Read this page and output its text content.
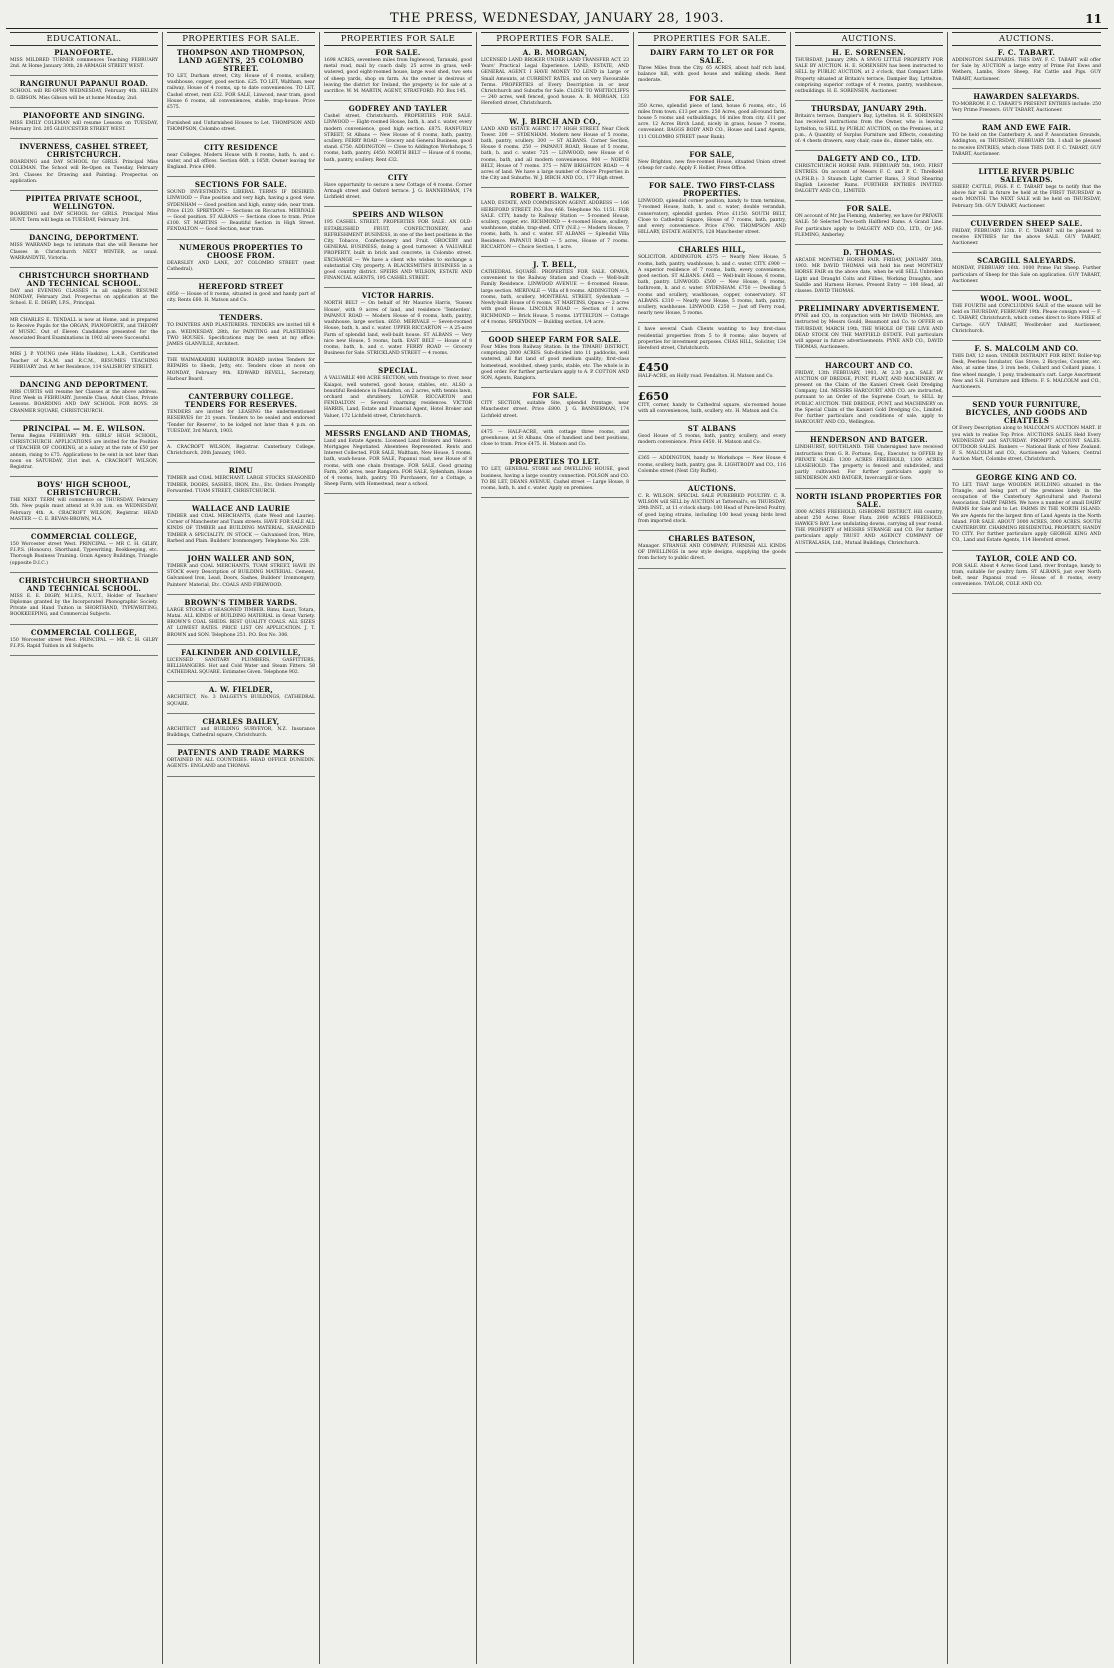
THE PRESS, WEDNESDAY, JANUARY 28, 1903.	11
EDUCATIONAL.
PIANOFORTE.

MISS MILDRED TURNER commences Teaching FEBRUARY 2nd. At Home January 30th, 28 ARMAGH STREET WEST.

RANGIRUNUI PAPANUI ROAD.

SCHOOL will RE-OPEN WEDNESDAY, February 4th. HELEN D. GIBSON. Miss Gibson will be at home Monday, 2nd.

PIANOFORTE AND SINGING.

MISS EMILY COLEMAN will resume Lessons on TUESDAY, February 3rd. 205 GLOUCESTER STREET WEST.

INVERNESS, CASHEL STREET, CHRISTCHURCH.

BOARDING and DAY SCHOOL for GIRLS. Principal Miss COLEMAN. The School will Re-Open on Tuesday, February 3rd. Classes for Drawing and Painting. Prospectus on application.

PIPITEA PRIVATE SCHOOL, WELLINGTON.

BOARDING and DAY SCHOOL for GIRLS. Principal Miss HUNT. Term will begin on TUESDAY, February 3rd.

DANCING, DEPORTMENT.

MISS WARRAND begs to intimate that she will Resume her Classes in Christchurch NEXT WINTER, as usual. WARRANDYTE, Victoria.

CHRISTCHURCH SHORTHAND AND TECHNICAL SCHOOL.

DAY and EVENING CLASSES in all subjects RESUME MONDAY, February 2nd. Prospectus on application at the School. E. E. DIGBY, I.P.S., Principal.

MR CHARLES E. TENDALL is now at Home, and is prepared to Receive Pupils for the ORGAN, PIANOFORTE, and THEORY of MUSIC. Out of Eleven Candidates presented for the Associated Board Examinations in 1902 all were Successful.

MRS J. P. YOUNG (née Hilda Haskins), L.A.B., Certificated Teacher of R.A.M. and R.C.M., RESUMES TEACHING FEBRUARY 2nd. At her Residence, 114 SALISBURY STREET.

DANCING AND DEPORTMENT.

MRS CURTIS will resume her Classes at the above address. First Week in FEBRUARY. Juvenile Class, Adult Class, Private Lessons. BOARDING AND DAY SCHOOL FOR BOYS. 28 CRANMER SQUARE, CHRISTCHURCH.

PRINCIPAL — M. E. WILSON.

Terms Begins FEBRUARY 9th. GIRLS' HIGH SCHOOL, CHRISTCHURCH. APPLICATIONS are invited for the Position of TEACHER OF COOKING, at a salary at the rate of £50 per annum, rising to £75. Applications to be sent in not later than noon on SATURDAY, 31st inst. A. CRACROFT WILSON, Registrar.

BOYS' HIGH SCHOOL, CHRISTCHURCH.

THE NEXT TERM will commence on THURSDAY, February 5th. New pupils must attend at 9.30 a.m. on WEDNESDAY, February 4th. A. CRACROFT WILSON, Registrar. HEAD MASTER — C. E. BEVAN-BROWN, M.A.

COMMERCIAL COLLEGE,

150 Worcester street West. PRINCIPAL — MR C. H. GILBY, F.I.P.S. (Honours). Shorthand, Typewriting, Bookkeeping, etc. Thorough Business Training. Grain Agency Buildings, Triangle (opposite D.I.C.)

CHRISTCHURCH SHORTHAND AND TECHNICAL SCHOOL.

MISS E. E. DIGBY, M.I.P.S., N.U.T., Holder of Teachers' Diplomas granted by the Incorporated Phonographic Society. Private and Hand Tuition in SHORTHAND, TYPEWRITING, BOOKKEEPING, and Commercial Subjects.

COMMERCIAL COLLEGE,

150 Worcester street West. PRINCIPAL — MR C. H. GILBY F.I.P.S. Rapid Tuition in all Subjects.

PROPERTIES FOR SALE.
THOMPSON AND THOMPSON, LAND AGENTS, 25 COLOMBO STREET.

TO LET, Durham street, City. House of 6 rooms, scullery, washhouse, copper, good section. £25. TO LET, Waltham, near railway, House of 4 rooms, up to date conveniences. TO LET, Cashel street, rent £32. FOR SALE, Linwood, near tram, good House 6 rooms, all conveniences, stable, trap-house. Price £575.

Furnished and Unfurnished Houses to Let. THOMPSON AND THOMPSON, Colombo street.

CITY RESIDENCE

near Colleges. Modern House with 8 rooms, bath, h. and c. water, and all offices. Section 66ft. x 165ft. Owner leaving for England. Price £900.

SECTIONS FOR SALE.

SOUND INVESTMENTS. LIBERAL TERMS IF DESIRED. LINWOOD — Fine position and very high, having a good view. SYDENHAM — Good position and high, sunny side, near tram. Price £120. SPREYDON — Sections on Riccarton. MERIVALE — Good position. ST ALBANS — Sections close to tram. Price £100. ST MARTINS — Beautiful Section in High Street. FENDALTON — Good Section, near tram.

NUMEROUS PROPERTIES TO CHOOSE FROM.

DEARSLEY AND LANE, 207 COLOMBO STREET (next Cathedral).

HEREFORD STREET

£950 — House of 8 rooms, situated in good and handy part of city. Rents £60. H. Matson and Co.

TENDERS.

TO PAINTERS AND PLASTERERS. TENDERS are invited till 4 p.m. WEDNESDAY, 28th, for PAINTING and PLASTERING TWO HOUSES. Specifications may be seen at my office. JAMES GLANVILLE, Architect.

THE WAIMAKARIRI HARBOUR BOARD invites Tenders for REPAIRS to Sheds, Jetty, etc. Tenders close at noon on MONDAY, February 9th. EDWARD REVELL, Secretary, Harbour Board.

CANTERBURY COLLEGE. TENDERS FOR RESERVES.

TENDERS are invited for LEASING the undermentioned RESERVES for 21 years. Tenders to be sealed and endorsed 'Tender for Reserve', to be lodged not later than 4 p.m. on TUESDAY, 3rd March, 1903.

A. CRACROFT WILSON, Registrar. Canterbury College, Christchurch, 20th January, 1903.

RIMU

TIMBER and COAL MERCHANT. LARGE STOCKS SEASONED TIMBER, DOORS, SASHES, IRON, Etc., Etc. Orders Promptly Forwarded. TUAM STREET, CHRISTCHURCH.

WALLACE AND LAURIE

TIMBER and COAL MERCHANTS, (Late Wood and Laurie). Corner of Manchester and Tuam streets. HAVE FOR SALE ALL KINDS OF TIMBER and BUILDING MATERIAL. SEASONED TIMBER A SPECIALITY. IN STOCK — Galvanised Iron, Wire, Barbed and Plain. Builders' Ironmongery. Telephone No. 228.

JOHN WALLER AND SON,

TIMBER and COAL MERCHANTS, TUAM STREET, HAVE IN STOCK every Description of BUILDING MATERIAL. Cement, Galvanised Iron, Lead, Doors, Sashes, Builders' Ironmongery, Painters' Material, Etc. COALS AND FIREWOOD.

BROWN'S TIMBER YARDS.

LARGE STOCKS of SEASONED TIMBER. Rimu, Kauri, Totara, Matai. ALL KINDS of BUILDING MATERIAL in Great Variety. BROWN'S COAL SHEDS. BEST QUALITY COALS. ALL SIZES AT LOWEST RATES. PRICE LIST ON APPLICATION. J. T. BROWN and SON. Telephone 251. P.O. Box No. 306.

FALKINDER AND COLVILLE,

LICENSED SANITARY PLUMBERS, GASFITTERS, BELLHANGERS. Hot and Cold Water and Steam Fitters. 58 CATHEDRAL SQUARE. Estimates Given. Telephone 902.

A. W. FIELDER,

ARCHITECT, No. 3 DALGETY'S BUILDINGS, CATHEDRAL SQUARE.

CHARLES BAILEY,

ARCHITECT and BUILDING SURVEYOR, N.Z. Insurance Buildings, Cathedral square, Christchurch.

PATENTS AND TRADE MARKS

OBTAINED IN ALL COUNTRIES. HEAD OFFICE DUNEDIN. AGENTS: ENGLAND and THOMAS.

PROPERTIES FOR SALE
FOR SALE.

1698 ACRES, seventeen miles from Inglewood, Taranaki, good metal road, mail by coach daily. 25 acres in grass, well-watered, good eight-roomed house, large wool shed, two sets of sheep yards, shop on farm. As the owner is desirous of leaving the district for Ireland, the property is for sale at a sacrifice. W. M. MARTIN, AGENT, STRATFORD. P.O. Box 145.

GODFREY AND TAYLER

Cashel street, Christchurch. PROPERTIES FOR SALE. LINWOOD — Eight-roomed House, bath, h. and c. water, every modern convenience, good high section. £875. RANFURLY STREET, St Albans — New House of 6 rooms, bath, pantry, scullery. FERRY ROAD — Grocery and General Business, good stand. £750. ADDINGTON — Close to Addington Workshops, 5 rooms, bath, pantry. £450. NORTH BELT — House of 6 rooms, bath, pantry, scullery. Rent £32.

CITY

Have opportunity to secure a new Cottage of 4 rooms. Corner Armagh street and Oxford terrace. J. G. BANNERMAN, 174 Lichfield street.

SPEIRS AND WILSON

195 CASHEL STREET. PROPERTIES FOR SALE. AN OLD-ESTABLISHED FRUIT, CONFECTIONERY, and REFRESHMENT BUSINESS, in one of the best positions in the City. Tobacco, Confectionery and Fruit. GROCERY and GENERAL BUSINESS, doing a good turnover. A VALUABLE PROPERTY, built in brick and concrete, in Colombo street. EXCHANGE — We have a client who wishes to exchange a substantial City property. A BLACKSMITH'S BUSINESS in a good country district. SPEIRS AND WILSON, ESTATE AND FINANCIAL AGENTS, 195 CASHEL STREET.

VICTOR HARRIS.

NORTH BELT — On behalf of Mr Maurice Harris, 'Sussex House', with 9 acres of land, and residence 'Tenterden'. PAPANUI ROAD — Modern House of 6 rooms, bath, pantry, washhouse, large section. £650. MERIVALE — Seven-roomed House, bath, h. and c. water. UPPER RICCARTON — A 25-acre Farm of splendid land, well-built house. ST ALBANS — Very nice new House, 5 rooms, bath. EAST BELT — House of 8 rooms, bath, h. and c. water. FERRY ROAD — Grocery Business for Sale. STRICKLAND STREET — 4 rooms.

SPECIAL.

A VALUABLE 400 ACRE SECTION, with frontage to river, near Kaiapoi, well watered, good house, stables, etc. ALSO a beautiful Residence in Fendalton, on 2 acres, with tennis lawn, orchard and shrubbery. LOWER RICCARTON and FENDALTON — Several charming residences. VICTOR HARRIS, Land, Estate and Financial Agent, Hotel Broker and Valuer, 172 Lichfield street, Christchurch.

MESSRS ENGLAND AND THOMAS,

Land and Estate Agents. Licensed Land Brokers and Valuers. Mortgages Negotiated. Absentees Represented. Rents and Interest Collected. FOR SALE, Waltham, New House, 5 rooms, bath, wash-house. FOR SALE, Papanui road, new House of 8 rooms, with one chain frontage. FOR SALE, Good grazing Farm, 200 acres, near Rangiora. FOR SALE, Sydenham, House of 4 rooms, bath, pantry. TO Purchasers, for a Cottage, a Sheep Farm, with Homestead, near a school.

PROPERTIES FOR SALE.
A. B. MORGAN,

LICENSED LAND BROKER UNDER LAND TRANSFER ACT. 23 Years' Practical Legal Experience. LAND, ESTATE, AND GENERAL AGENT. I HAVE MONEY TO LEND in Large or Small Amounts, at CURRENT RATES, and on very Favourable Terms. PROPERTIES of Every Description in or near Christchurch and Suburbs for Sale. CLOSE TO WHITECLIFFS — 240 acres, well fenced, good house. A. B. MORGAN, 133 Hereford street, Christchurch.

W. J. BIRCH AND CO.,

LAND AND ESTATE AGENT. 177 HIGH STREET. Near Clock Tower. 200 — SYDENHAM. Modern new House of 5 rooms, bath, pantry, scullery. 300 — ST ALBANS. Corner Section, House 6 rooms. 250 — PAPANUI ROAD, House of 5 rooms, bath, h. and c. water. 725 — LINWOOD, new House of 6 rooms, bath, and all modern conveniences. 900 — NORTH BELT, House of 7 rooms. 375 — NEW BRIGHTON ROAD — 4 acres of land. We have a large number of choice Properties in the City and Suburbs. W. J. BIRCH AND CO., 177 High street.

ROBERT B. WALKER,

LAND, ESTATE, AND COMMISSION AGENT. ADDRESS — 166 HEREFORD STREET. P.O. Box 466. Telephone No. 1151. FOR SALE. CITY, handy to Railway Station — 5-roomed House, scullery, copper, etc. RICHMOND — 4-roomed House, scullery, washhouse, stable, trap-shed. CITY (N.E.) — Modern House, 7 rooms, bath, h. and c. water. ST ALBANS — Splendid Villa Residence. PAPANUI ROAD — 5 acres, House of 7 rooms. RICCARTON — Choice Section, 1 acre.

J. T. BELL,

CATHEDRAL SQUARE. PROPERTIES FOR SALE. OPAWA, convenient to the Railway Station and Coach — Well-built Family Residence. LINWOOD AVENUE — 6-roomed House, large section. MERIVALE — Villa of 8 rooms. ADDINGTON — 5 rooms, bath, scullery. MONTREAL STREET, Sydenham — Newly-built House of 6 rooms. ST MARTINS, Opawa — 2 acres with good House. LINCOLN ROAD — Section of 1 acre. RICHMOND — Brick House, 5 rooms. LYTTELTON — Cottage of 4 rooms. SPREYDON — Building section, 1/4 acre.

GOOD SHEEP FARM FOR SALE.

Four Miles from Railway Station. In the TIMARU DISTRICT, comprising 2000 ACRES. Sub-divided into 11 paddocks, well watered, all flat land of good medium quality; first-class homestead, woolshed, sheep yards, stable, etc. The whole is in good order. For further particulars apply to A. P. COTTON AND SON, Agents, Rangiora.

FOR SALE.

CITY SECTION, suitable Site, splendid frontage, near Manchester street. Price £800. J. G. BANNERMAN, 174 Lichfield street.

£475 — HALF-ACRE, with cottage three rooms, and greenhouse, at St Albans. One of handiest and best positions, close to tram. Price £475. H. Matson and Co.

PROPERTIES TO LET.

TO LET, GENERAL STORE and DWELLING HOUSE, good business, having a large country connection. POLSON and CO. TO BE LET, DEANS AVENUE, Cashel street — Large House, 8 rooms, bath, h. and c. water. Apply on premises.

PROPERTIES FOR SALE.
DAIRY FARM TO LET OR FOR SALE.

Three Miles from the City. 65 ACRES, about half rich land, balance hill, with good house and milking sheds. Rent moderate.

FOR SALE.

350 Acres, splendid piece of land, house 6 rooms, etc., 16 miles from town. £13 per acre. 250 Acres, good all-round farm, house 5 rooms and outbuildings, 16 miles from city. £11 per acre. 12 Acres Birch Land, nicely in grass, house 7 rooms, convenient. BAGGS BODY AND CO., House and Land Agents, 111 COLOMBO STREET (near Bank).

FOR SALE,

New Brighton, new five-roomed House, situated Union street (cheap for cash). Apply F. Hollier, Press Office.

FOR SALE. TWO FIRST-CLASS PROPERTIES.

LINWOOD, splendid corner position, handy to tram terminus, 7-roomed House, bath, h. and c. water, double verandah, conservatory, splendid garden. Price £1150. SOUTH BELT, Close to Cathedral Square, House of 7 rooms, bath, pantry, and every convenience. Price £790. THOMPSON AND HILLARY, ESTATE AGENTS, 128 Manchester street.

CHARLES HILL,

SOLICITOR. ADDINGTON. £575 — Nearly New House, 5 rooms, bath, pantry, washhouse, h. and c. water. CITY. £900 — A superior residence of 7 rooms, bath, every convenience, good section. ST ALBANS. £465 — Well-built House, 6 rooms, bath, pantry. LINWOOD. £500 — New House, 6 rooms, bathroom, h. and c. water. SYDENHAM. £750 — Dwelling 5 rooms and scullery, washhouse, copper, conservatory. ST ALBANS. £310 — Nearly new House, 5 rooms, bath, pantry, scullery, washhouse. LINWOOD. £250 — Just off Ferry road, nearly new House, 5 rooms.

I have several Cash Clients wanting to buy first-class residential properties from 5 to 8 rooms; also buyers of properties for investment purposes. CHAS HILL, Solicitor, 134 Hereford street, Christchurch.

£450

HALF-ACRE, on Holly road. Fendalton. H. Matson and Co.

£650

CITY, corner, handy to Cathedral square, six-roomed house with all conveniences, bath, scullery, etc. H. Matson and Co.

ST ALBANS

Good House of 5 rooms, bath, pantry, scullery, and every modern convenience. Price £450. H. Matson and Co.

£365 — ADDINGTON, handy to Workshops — New House 4 rooms, scullery, bath, pantry, gas. R. LIGHTBODY and CO., 116 Colombo street (Next City Buffet).

AUCTIONS.

C. R. WILSON. SPECIAL SALE PUREBRED POULTRY. C. R. WILSON will SELL by AUCTION at Tattersall's, on THURSDAY, 29th INST., at 11 o'clock sharp: 100 Head of Pure-bred Poultry, of good laying strains, including 100 head young birds bred from imported stock.

CHARLES BATESON,

Manager. STRANGE AND COMPANY, FURNISH ALL KINDS OF DWELLINGS in new style designs, supplying the goods from factory to public direct.

AUCTIONS.
H. E. SORENSEN.

THURSDAY, January 29th. A SNUG LITTLE PROPERTY FOR SALE BY AUCTION. H. E. SORENSEN has been instructed to SELL by PUBLIC AUCTION, at 2 o'clock, that Compact Little Property situated at Britain's terrace, Dampier Bay, Lyttelton, comprising superior cottage of 4 rooms, pantry, washhouse, outbuildings. H. E. SORENSEN, Auctioneer.

THURSDAY, JANUARY 29th.

Britain's terrace, Dampier's Bay, Lyttelton. H. E. SORENSEN has received instructions from the Owner, who is leaving Lyttelton, to SELL by PUBLIC AUCTION, on the Premises, at 2 p.m., A Quantity of Surplus Furniture and Effects, consisting of: 4 chests drawers, easy chair, cane do., dinner table, etc.

DALGETY AND CO., LTD.

CHRISTCHURCH HORSE FAIR. FEBRUARY 5th, 1903. FIRST ENTRIES. On account of Messrs F. C. and P. C. Threlkeld (A.P.H.B.): 3 Staunch Light Carrier Rams, 3 Stud Shearing English Leicester Rams. FURTHER ENTRIES INVITED. DALGETY AND CO., LIMITED.

FOR SALE.

ON account of Mr Jas Fleming, Amberley, we have for PRIVATE SALE: 50 Selected Two-tooth Halfbred Rams. A Grand Line. For particulars apply to DALGETY AND CO., LTD., Or JAS. FLEMING, Amberley.

D. THOMAS.

ARCADE MONTHLY HORSE FAIR. FRIDAY, JANUARY 30th, 1903. MR DAVID THOMAS will hold his next MONTHLY HORSE FAIR on the above date, when he will SELL Unbroken Light and Draught Colts and Fillies, Working Draughts, and Saddle and Harness Horses. Present Entry — 100 Head, all classes. DAVID THOMAS.

PRELIMINARY ADVERTISEMENT.

PYNE and CO., in conjunction with Mr DAVID THOMAS, are instructed by Messrs Gould, Beaumont and Co. to OFFER on THURSDAY, MARCH 19th, THE WHOLE OF THE LIVE AND DEAD STOCK ON THE MAYFIELD ESTATE. Full particulars will appear in future advertisements. PYNE AND CO., DAVID THOMAS, Auctioneers.

HARCOURT AND CO.

FRIDAY, 13th FEBRUARY, 1903, At 2.30 p.m. SALE BY AUCTION OF DREDGE, PUNT, PLANT, AND MACHINERY. At present on the Claim of the Kanieri Creek Gold Dredging Company, Ltd. MESSRS HARCOURT AND CO. are instructed, pursuant to an Order of the Supreme Court, to SELL by PUBLIC AUCTION. THE DREDGE, PUNT, and MACHINERY on the Special Claim of the Kanieri Gold Dredging Co., Limited. For further particulars and conditions of sale, apply to HARCOURT AND CO., Wellington.

HENDERSON AND BATGER.

LINDHURST, SOUTHLAND. THE Undersigned have received instructions from G. R. Fortune, Esq., Executor, to OFFER by PRIVATE SALE: 1300 ACRES FREEHOLD, 1300 ACRES LEASEHOLD. The property is fenced and subdivided, and partly cultivated. For further particulars apply to HENDERSON AND BATGER, Invercargill or Gore.

NORTH ISLAND PROPERTIES FOR SALE.

3000 ACRES FREEHOLD, GISBORNE DISTRICT. Hill country, about 250 Acres River Flats. 2000 ACRES FREEHOLD, HAWKE'S BAY. Low undulating downs, carrying all year round. THE PROPERTY of MESSRS STRANGE and CO. For further particulars apply TRUST AND AGENCY COMPANY OF AUSTRALASIA, Ltd., Mutual Buildings, Christchurch.

AUCTIONS.
F. C. TABART.

ADDINGTON SALEYARDS. THIS DAY. F. C. TABART will offer for Sale by AUCTION a large entry of Prime Fat Ewes and Wethers, Lambs, Store Sheep, Fat Cattle and Pigs. GUY TABART, Auctioneer.

HAWARDEN SALEYARDS.

TO-MORROW. F. C. TABART'S PRESENT ENTRIES include: 250 Very Prime Freezers. GUY TABART, Auctioneer.

RAM AND EWE FAIR.

TO be held on the Canterbury A. and P. Association Grounds, Addington, on THURSDAY, FEBRUARY 5th. I shall be pleased to receive ENTRIES, which close THIS DAY. F. C. TABART, GUY TABART, Auctioneer.

LITTLE RIVER PUBLIC SALEYARDS.

SHEEP, CATTLE, PIGS. F. C. TABART begs to notify that the above fair will in future be held at the FIRST THURSDAY in each MONTH. The NEXT SALE will be held on THURSDAY, February 5th. GUY TABART, Auctioneer.

CULVERDEN SHEEP SALE.

FRIDAY, FEBRUARY 13th. F. C. TABART will be pleased to receive ENTRIES for the above SALE. GUY TABART, Auctioneer.

SCARGILL SALEYARDS.

MONDAY, FEBRUARY 16th. 1000 Prime Fat Sheep. Further particulars of Sheep for this Sale on application. GUY TABART, Auctioneer.

WOOL. WOOL. WOOL.

THE FOURTH and CONCLUDING SALE of the season will be held on THURSDAY, FEBRUARY 19th. Please consign wool — F. C. TABART, Christchurch, which comes direct to Store FREE of Cartage. GUY TABART, Woolbroker and Auctioneer, Christchurch.

F. S. MALCOLM AND CO.

THIS DAY, 12 noon. UNDER DISTRAINT FOR RENT. Roller-top Desk, Peerless Incubator, Gas Stove, 2 Bicycles, Counter, etc. Also, at same time, 3 iron beds, Collard and Collard piano, 1 fine wheel mangle, 1 pony, tradesman's cart. Large Assortment New and S.H. Furniture and Effects. F. S. MALCOLM and CO., Auctioneers.

SEND YOUR FURNITURE, BICYCLES, AND GOODS AND CHATTELS

Of Every Description along to MALCOLM'S AUCTION MART. If you wish to realise Top Price. AUCTIONS SALES Held Every WEDNESDAY and SATURDAY. PROMPT ACCOUNT SALES. OUTDOOR SALES. Bankers — National Bank of New Zealand. F. S. MALCOLM and CO., Auctioneers and Valuers, Central Auction Mart, Colombo street, Christchurch.

GEORGE KING AND CO.

TO LET. THAT large WOODEN BUILDING situated in the Triangle, and being part of the premises lately in the occupation of the Canterbury Agricultural and Pastoral Association. DAIRY FARMS. We have a number of small DAIRY FARMS for Sale and to Let. FARMS IN THE NORTH ISLAND. We are Agents for the largest firm of Land Agents in the North Island. FOR SALE. ABOUT 3000 ACRES, 3000 ACRES. SOUTH CANTERBURY. CHARMING RESIDENTIAL PROPERTY, HANDY TO CITY. For further particulars apply GEORGE KING AND CO., Land and Estate Agents, 114 Hereford street.

TAYLOR, COLE AND CO.

FOR SALE. About 4 Acres Good Land, river frontage, handy to tram, suitable for poultry farm. ST ALBANS, just over North belt, near Papanui road — House of 8 rooms, every convenience. TAYLOR, COLE AND CO.
